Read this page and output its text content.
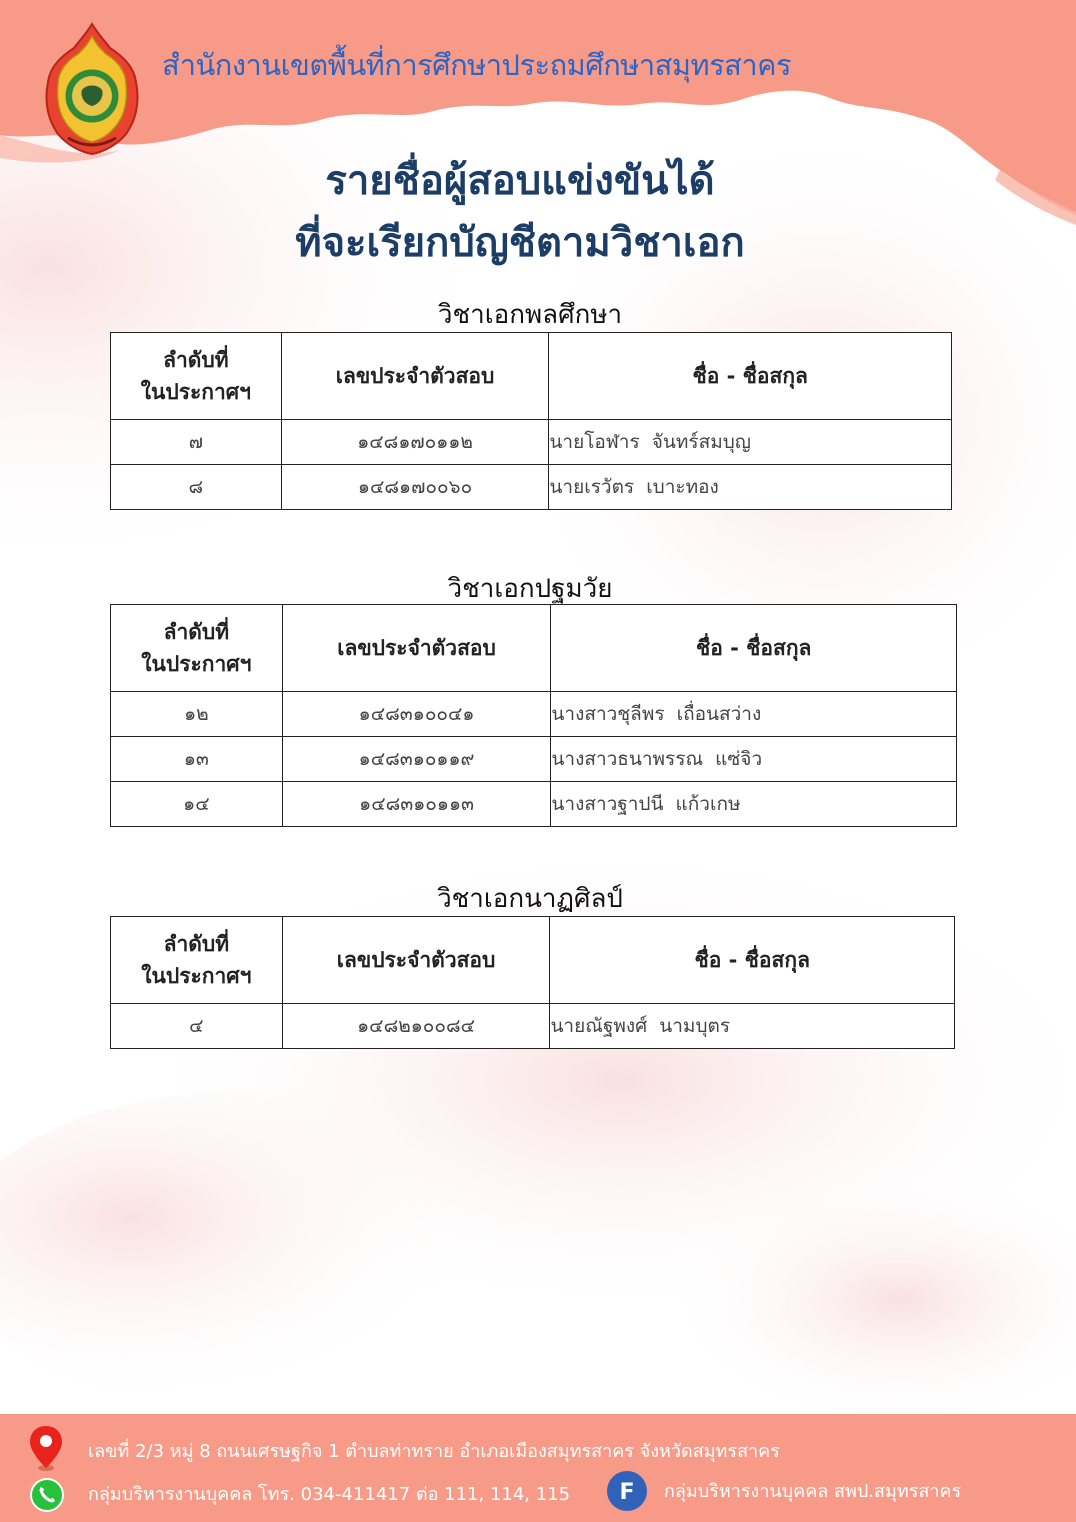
สำนักงานเขตพื้นที่การศึกษาประถมศึกษาสมุทรสาคร
รายชื่อผู้สอบแข่งขันได้
ที่จะเรียกบัญชีตามวิชาเอก
วิชาเอกพลศึกษา
ลำดับที่
ในประกาศฯ	เลขประจำตัวสอบ	ชื่อ - ชื่อสกุล
๗	๑๔๘๑๗๐๑๑๒	นายโอฬาร  จันทร์สมบุญ
๘	๑๔๘๑๗๐๐๖๐	นายเรวัตร  เบาะทอง
วิชาเอกปฐมวัย
ลำดับที่
ในประกาศฯ	เลขประจำตัวสอบ	ชื่อ - ชื่อสกุล
๑๒	๑๔๘๓๑๐๐๔๑	นางสาวชุลีพร  เถื่อนสว่าง
๑๓	๑๔๘๓๑๐๑๑๙	นางสาวธนาพรรณ  แซ่จิว
๑๔	๑๔๘๓๑๐๑๑๓	นางสาวฐาปนี  แก้วเกษ
วิชาเอกนาฏศิลป์
ลำดับที่
ในประกาศฯ	เลขประจำตัวสอบ	ชื่อ - ชื่อสกุล
๔	๑๔๘๒๑๐๐๘๔	นายณัฐพงศ์  นามบุตร
เลขที่ 2/3 หมู่ 8 ถนนเศรษฐกิจ 1 ตำบลท่าทราย อำเภอเมืองสมุทรสาคร จังหวัดสมุทรสาคร
กลุ่มบริหารงานบุคคล โทร. 034-411417 ต่อ 111, 114, 115 F กลุ่มบริหารงานบุคคล สพป.สมุทรสาคร
